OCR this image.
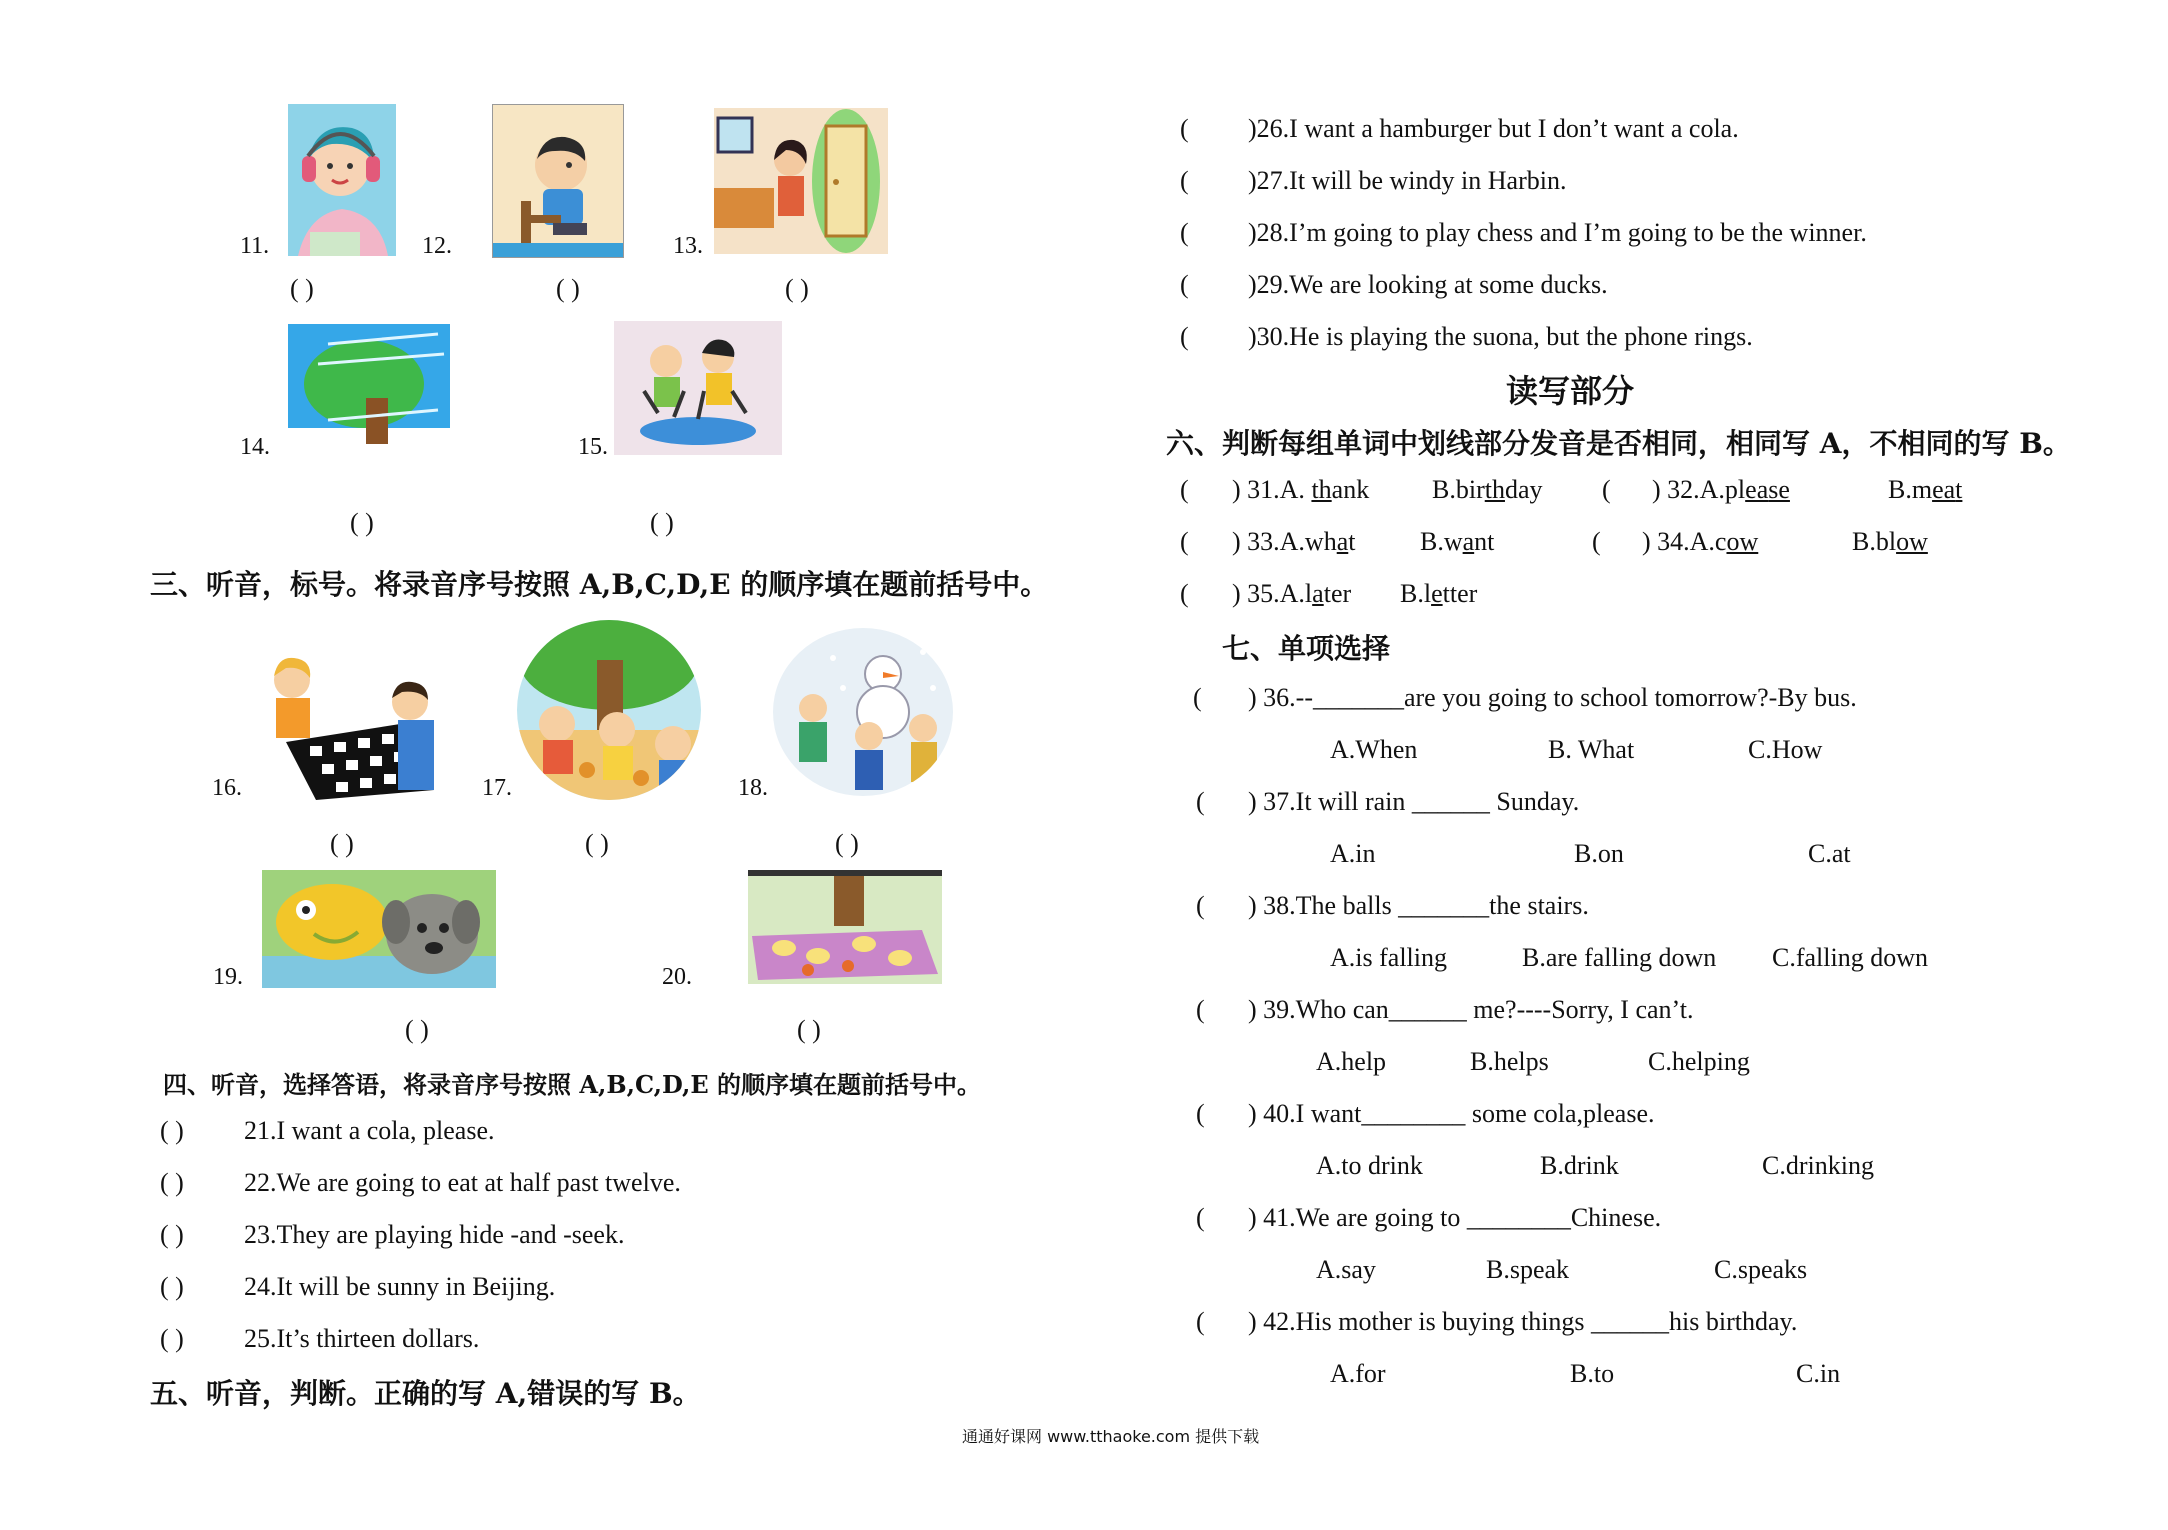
11.	12.	13.
( )	( )	( )
14.	15.
( )	( )
三、听音，标号。将录音序号按照 A,B,C,D,E 的顺序填在题前括号中。
16.	17.	18.
( )	( )	( )
19.	20.
( )	( )
四、听音，选择答语，将录音序号按照 A,B,C,D,E 的顺序填在题前括号中。
( ) 21.I want a cola, please.
( ) 22.We are going to eat at half past twelve.
( ) 23.They are playing hide -and -seek.
( ) 24.It will be sunny in Beijing.
( ) 25.It’s thirteen dollars.
五、听音，判断。正确的写 A,错误的写 B。
( )26.I want a hamburger but I don’t want a cola.
( )27.It will be windy in Harbin.
( )28.I’m going to play chess and I’m going to be the winner.
( )29.We are looking at some ducks.
( )30.He is playing the suona, but the phone rings.
读写部分
六、判断每组单词中划线部分发音是否相同，相同写 A，不相同的写 B。
( ) 31.A. thank B.birthday ( ) 32.A.please	B.meat
( ) 33.A.what B.want	( ) 34.A.cow	B.blow
( ) 35.A.later B.letter
七、单项选择
( ) 36.--_______are you going to school tomorrow?-By bus.
A.When	B. What	C.How
( ) 37.It will rain ______ Sunday.
A.in	B.on	C.at
( ) 38.The balls _______the stairs.
A.is falling	B.are falling down C.falling down
( ) 39.Who can______ me?----Sorry, I can’t.
A.help	B.helps	C.helping
( ) 40.I want________ some cola,please.
A.to drink	B.drink	C.drinking
( ) 41.We are going to ________Chinese.
A.say	B.speak	C.speaks
( ) 42.His mother is buying things ______his birthday.
A.for	B.to	C.in
通通好课网 www.tthaoke.com 提供下载
